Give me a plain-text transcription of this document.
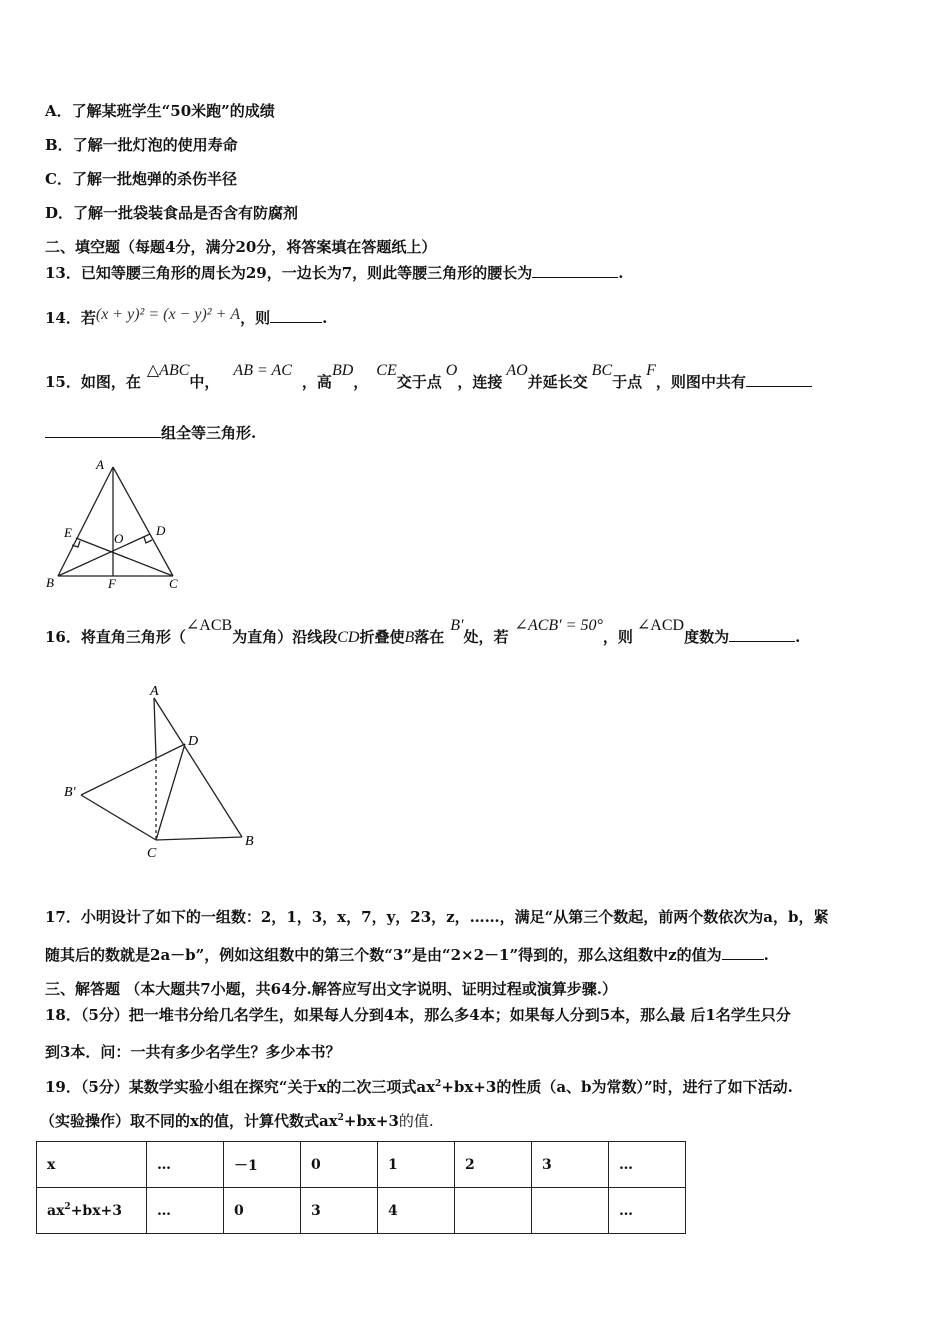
A．了解某班学生“50米跑”的成绩
B．了解一批灯泡的使用寿命
C．了解一批炮弹的杀伤半径
D．了解一批袋装食品是否含有防腐剂
二、填空题（每题4分，满分20分，将答案填在答题纸上）
13．已知等腰三角形的周长为29，一边长为7，则此等腰三角形的腰长为	.
14．若(x + y)² = (x − y)² + A，则	.
15．如图，在△ABC中，AB = AC，高BD，CE交于点O，连接AO并延长交BC于点F，则图中共有
组全等三角形.
A
B	C
D
E
F
O
16．将直角三角形（∠ACB为直角）沿线段CD折叠使B落在B′处，若∠ACB′ = 50°，则∠ACD度数为	.
A
D
B′
C
B
17．小明设计了如下的一组数：2，1，3，x，7，y，23，z，……，满足“从第三个数起，前两个数依次为a，b，紧
随其后的数就是2a－b”，例如这组数中的第三个数“3”是由“2×2－1”得到的，那么这组数中z的值为	.
三、解答题 （本大题共7小题，共64分.解答应写出文字说明、证明过程或演算步骤.）
18．（5分）把一堆书分给几名学生，如果每人分到4本，那么多4本；如果每人分到5本，那么最 后1名学生只分
到3本．问：一共有多少名学生？多少本书？
19．（5分）某数学实验小组在探究“关于x的二次三项式$ax^2+bx+3$的性质（a、b为常数）”时，进行了如下活动.
（实验操作）取不同的x的值，计算代数式$ax^2+bx+3$的值.
x	…	－1	0	1	2	3	…
$ax^2+bx+3$	…	0	3	4			…
